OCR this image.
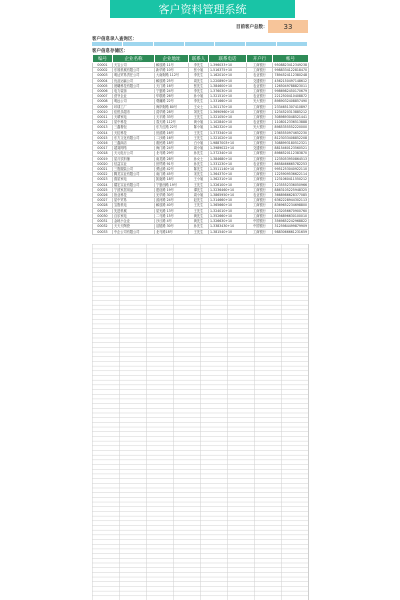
客户资料管理系统
目前客户总数：	33
客户信息录入查询区：
客户信息存储区：
编号	企业名称	企业地址	联系人	联系电话	开户行	帐号
00001	天宝公司	解放路 11号	李先生	1-396033+10	工商银行	9508823412349238
00002	东晟机械有限公司	新华路 10号	张小姐	1-516375+10	工商银行	9988334122818470
00003	明达贸易责任公司	大南街路 112号	李先生	1-162010+10	农业银行	7894524112380248
00004	优品运输公司	解放路 25号	周先生	1-220890+10	交通银行	4562150497148612
00005	晨曦科技有限公司	天门路 16号	张先生	1-384600+10	农业银行	1265049788823011
00006	电力装饰	宁夏路 24号	李先生	1-376030+10	工商银行	9986982450170679
00007	营爷企业	华联路 26号	孙小姐	1-321510+10	农业银行	2212500410408872
00008	明远公司	观澜路 22号	李先生	1-331660+10	光大银行	8989032408857490
00009	环球工厂	海岸街路 80号	王女士	1-301170+10	工商银行	2334651307410897
00010	佳悦乐超市	清华路 28号	刘先生	1-3690960+10	工商银行	1234520313885212
00011	天晴家电	天平路 33号	王先生	1-321050+10	工商银行	3089893048521441
00012	星中科技	春天路 112号	黄小姐	1-102840+10	农业银行	1108012336513888
00013	三鑫餐包	东方红路 22号	陈小姐	1-362320+10	光大银行	8985355552220000
00014	天虹科技	世滨路 16号	王先生	1-373340+10	工商银行	2365550974652230
00015	东方文化有限公司	二沙路 16号	王先生	1-321020+10	工商银行	8123033408852208
00016	三鑫商店	惠民路 18号	白小姐	1-9887003+10	工商银行	3088993180512321
00017	超赛网络	海门路 24号	周小姐	1-3989022+10	交通银行	8815460123560521
00018	天元电行公司	北马路 29号	孙先生	1-372340+10	工商银行	8986520112383870
00019	星月饮料铺	南龙路 28号	孙女士	1-384680+10	工商银行	1235053950864513
00020	信益实业	世贸路 91号	孙先生	1-331230+10	农业银行	8658466665782253
00021	三胜服装公司	勇达路 42号	陈先生	1-3511140+10	工商银行	9951253040922110
00022	腾龙实业有限公司	南门路 45号	宋先生	1-364370+10	工商银行	1225909536622114
00023	蔚星家电	凯旋路 18号	王小姐	1-362310+10	工商银行	1231060411550212
00024	耀宏实业有限公司	宁夏西路 19号	王先生	1-326100+10	工商银行	1235552336050966
00025	宁波家居用品	建设路 19号	谭先生	1-3236460+10	工商银行	8863105225948325
00026	欣业科技	光华路 30号	周小姐	1-3865950+10	农业银行	3668986628377085
00027	星中贸易	滨河路 24号	赵先生	1-314660+10	工商银行	6362228944302113
00028	宝胜机电	解放路 40号	王先生	1-365660+10	工商银行	8369652234698800
00029	先进机械	星光路 13号	王先生	1-324010+10	工商银行	1232056670900760
00030	百乐家电	二马路 15号	黄先生	1-352660+10	工商银行	8556896630100010
00031	金地小企业	沙丘路 4号	黄先生	1-326630+10	中国银行	3569852242968822
00032	天天天陶瓷	涪陵路 30号	孙先生	1-3383430+10	中国银行	3125984499879909
00033	中企公司有限公司	北马路18号	王先生	1-381540+10	工商银行	9883066661231659
